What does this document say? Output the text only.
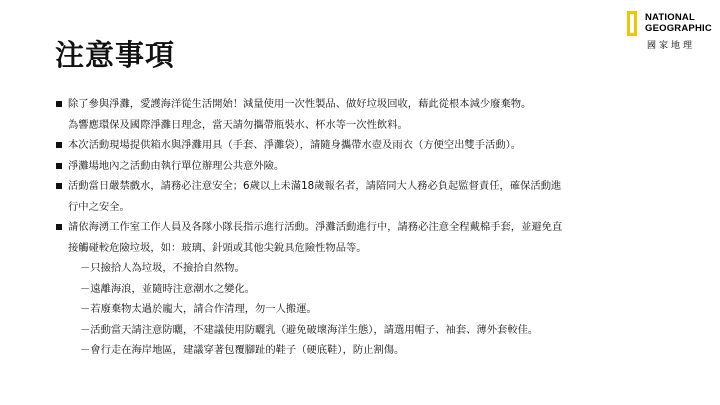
注意事項
NATIONAL
GEOGRAPHIC
國家地理
除了參與淨灘，愛護海洋從生活開始！減量使用一次性製品、做好垃圾回收，藉此從根本減少廢棄物。
為響應環保及國際淨灘日理念，當天請勿攜帶瓶裝水、杯水等一次性飲料。
本次活動現場提供箱水與淨灘用具（手套、淨灘袋），請隨身攜帶水壺及雨衣（方便空出雙手活動）。
淨灘場地內之活動由執行單位辦理公共意外險。
活動當日嚴禁戲水，請務必注意安全；6歲以上未滿18歲報名者，請陪同大人務必負起監督責任，確保活動進
行中之安全。
請依海湧工作室工作人員及各隊小隊長指示進行活動。淨灘活動進行中，請務必注意全程戴棉手套，並避免直
接觸碰較危險垃圾，如：玻璃、針頭或其他尖銳具危險性物品等。
－只撿拾人為垃圾，不撿拾自然物。
－遠離海浪，並隨時注意潮水之變化。
－若廢棄物太過於龐大，請合作清理，勿一人搬運。
－活動當天請注意防曬，不建議使用防曬乳（避免破壞海洋生態），請選用帽子、袖套、薄外套較佳。
－會行走在海岸地區，建議穿著包覆腳趾的鞋子（硬底鞋），防止割傷。
